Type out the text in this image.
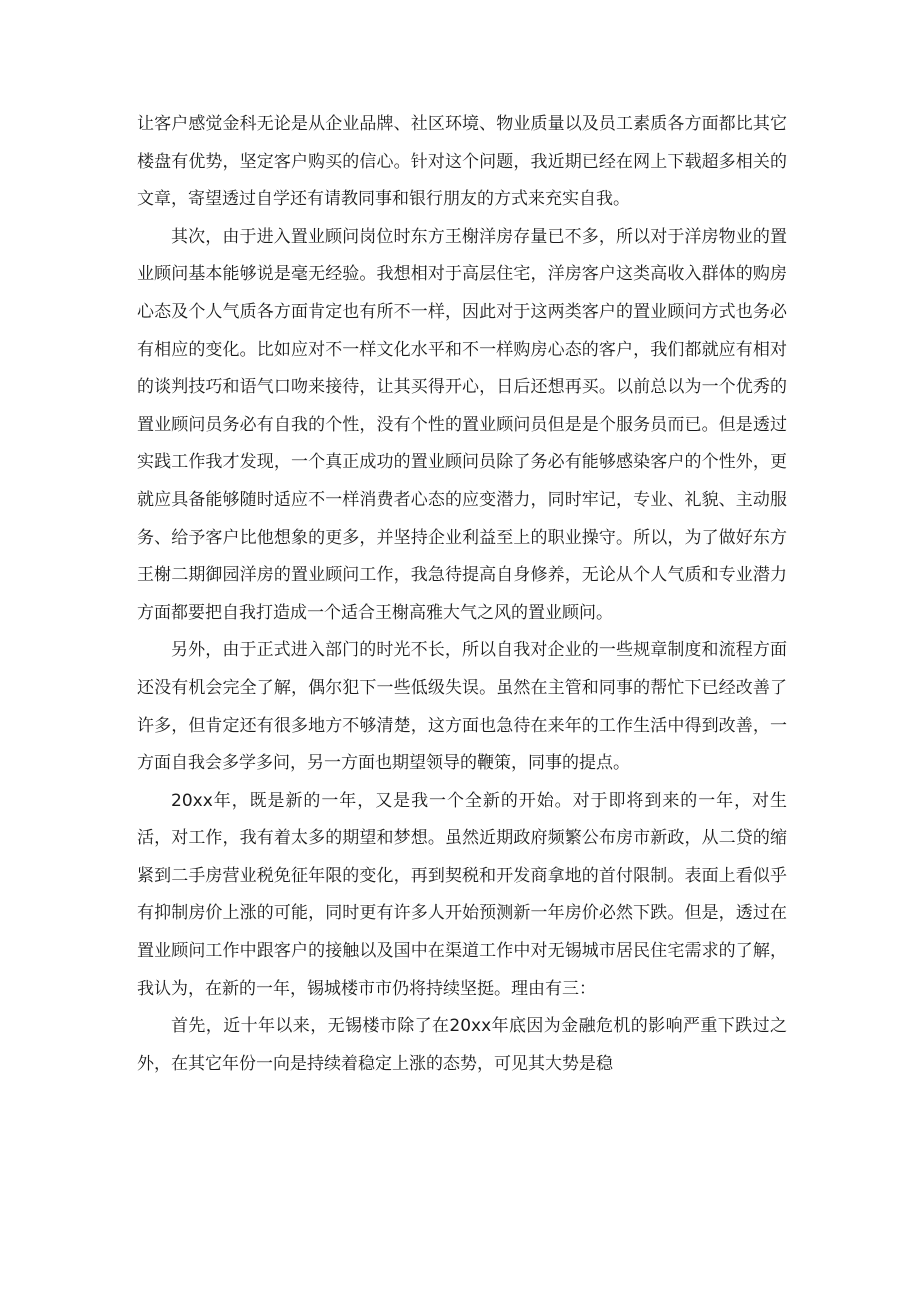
让客户感觉金科无论是从企业品牌、社区环境、物业质量以及员工素质各方面都比其它楼盘有优势，坚定客户购买的信心。针对这个问题，我近期已经在网上下载超多相关的文章，寄望透过自学还有请教同事和银行朋友的方式来充实自我。

其次，由于进入置业顾问岗位时东方王榭洋房存量已不多，所以对于洋房物业的置业顾问基本能够说是毫无经验。我想相对于高层住宅，洋房客户这类高收入群体的购房心态及个人气质各方面肯定也有所不一样，因此对于这两类客户的置业顾问方式也务必有相应的变化。比如应对不一样文化水平和不一样购房心态的客户，我们都就应有相对的谈判技巧和语气口吻来接待，让其买得开心，日后还想再买。以前总以为一个优秀的置业顾问员务必有自我的个性，没有个性的置业顾问员但是是个服务员而已。但是透过实践工作我才发现，一个真正成功的置业顾问员除了务必有能够感染客户的个性外，更就应具备能够随时适应不一样消费者心态的应变潜力，同时牢记，专业、礼貌、主动服务、给予客户比他想象的更多，并坚持企业利益至上的职业操守。所以，为了做好东方王榭二期御园洋房的置业顾问工作，我急待提高自身修养，无论从个人气质和专业潜力方面都要把自我打造成一个适合王榭高雅大气之风的置业顾问。

另外，由于正式进入部门的时光不长，所以自我对企业的一些规章制度和流程方面还没有机会完全了解，偶尔犯下一些低级失误。虽然在主管和同事的帮忙下已经改善了许多，但肯定还有很多地方不够清楚，这方面也急待在来年的工作生活中得到改善，一方面自我会多学多问，另一方面也期望领导的鞭策，同事的提点。

20xx年，既是新的一年，又是我一个全新的开始。对于即将到来的一年，对生活，对工作，我有着太多的期望和梦想。虽然近期政府频繁公布房市新政，从二贷的缩紧到二手房营业税免征年限的变化，再到契税和开发商拿地的首付限制。表面上看似乎有抑制房价上涨的可能，同时更有许多人开始预测新一年房价必然下跌。但是，透过在置业顾问工作中跟客户的接触以及国中在渠道工作中对无锡城市居民住宅需求的了解，我认为，在新的一年，锡城楼市市仍将持续坚挺。理由有三：

首先，近十年以来，无锡楼市除了在20xx年底因为金融危机的影响严重下跌过之外，在其它年份一向是持续着稳定上涨的态势，可见其大势是稳
